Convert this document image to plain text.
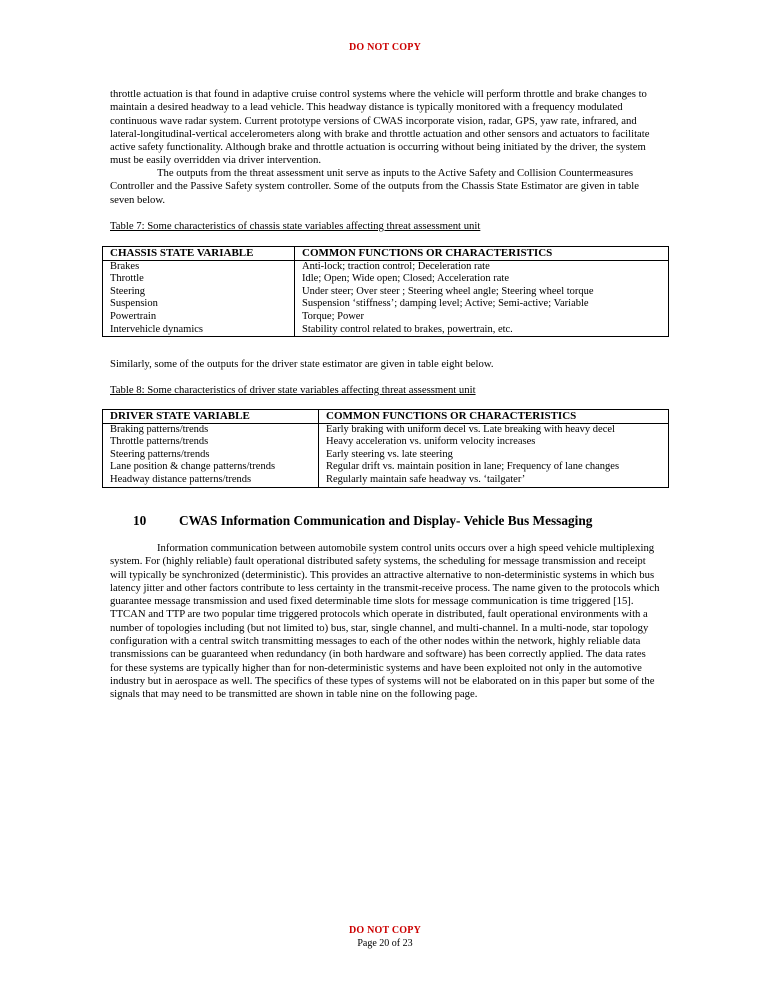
DO NOT COPY

throttle actuation is that found in adaptive cruise control systems where the vehicle will perform throttle and brake changes to maintain a desired headway to a lead vehicle. This headway distance is typically monitored with a frequency modulated continuous wave radar system. Current prototype versions of CWAS incorporate vision, radar, GPS, yaw rate, infrared, and lateral-longitudinal-vertical accelerometers along with brake and throttle actuation and other sensors and actuators to facilitate active safety functionality. Although brake and throttle actuation is occurring without being initiated by the driver, the system must be easily overridden via driver intervention.

The outputs from the threat assessment unit serve as inputs to the Active Safety and Collision Countermeasures Controller and the Passive Safety system controller. Some of the outputs from the Chassis State Estimator are given in table seven below.

Table 7: Some characteristics of chassis state variables affecting threat assessment unit

CHASSIS STATE VARIABLE	COMMON FUNCTIONS OR CHARACTERISTICS
Brakes	Anti-lock; traction control; Deceleration rate
Throttle	Idle; Open; Wide open; Closed; Acceleration rate
Steering	Under steer; Over steer ; Steering wheel angle; Steering wheel torque
Suspension	Suspension ‘stiffness’; damping level; Active; Semi-active; Variable
Powertrain	Torque; Power
Intervehicle dynamics	Stability control related to brakes, powertrain, etc.

Similarly, some of the outputs for the driver state estimator are given in table eight below.

Table 8: Some characteristics of driver state variables affecting threat assessment unit

DRIVER STATE VARIABLE	COMMON FUNCTIONS OR CHARACTERISTICS
Braking patterns/trends	Early braking with uniform decel vs. Late breaking with heavy decel
Throttle patterns/trends	Heavy acceleration vs. uniform velocity increases
Steering patterns/trends	Early steering vs. late steering
Lane position & change patterns/trends	Regular drift vs. maintain position in lane; Frequency of lane changes
Headway distance patterns/trends	Regularly maintain safe headway vs. ‘tailgater’
10 CWAS Information Communication and Display- Vehicle Bus Messaging

Information communication between automobile system control units occurs over a high speed vehicle multiplexing system. For (highly reliable) fault operational distributed safety systems, the scheduling for message transmission and receipt will typically be synchronized (deterministic). This provides an attractive alternative to non-deterministic systems in which bus latency jitter and other factors contribute to less certainty in the transmit-receive process. The name given to the protocols which guarantee message transmission and used fixed determinable time slots for message communication is time triggered [15]. TTCAN and TTP are two popular time triggered protocols which operate in distributed, fault operational environments with a number of topologies including (but not limited to) bus, star, single channel, and multi-channel. In a multi-node, star topology configuration with a central switch transmitting messages to each of the other nodes within the network, highly reliable data transmissions can be guaranteed when redundancy (in both hardware and software) has been correctly applied. The data rates for these systems are typically higher than for non-deterministic systems and have been exploited not only in the automotive industry but in aerospace as well. The specifics of these types of systems will not be elaborated on in this paper but some of the signals that may need to be transmitted are shown in table nine on the following page.

DO NOT COPY
Page 20 of 23
